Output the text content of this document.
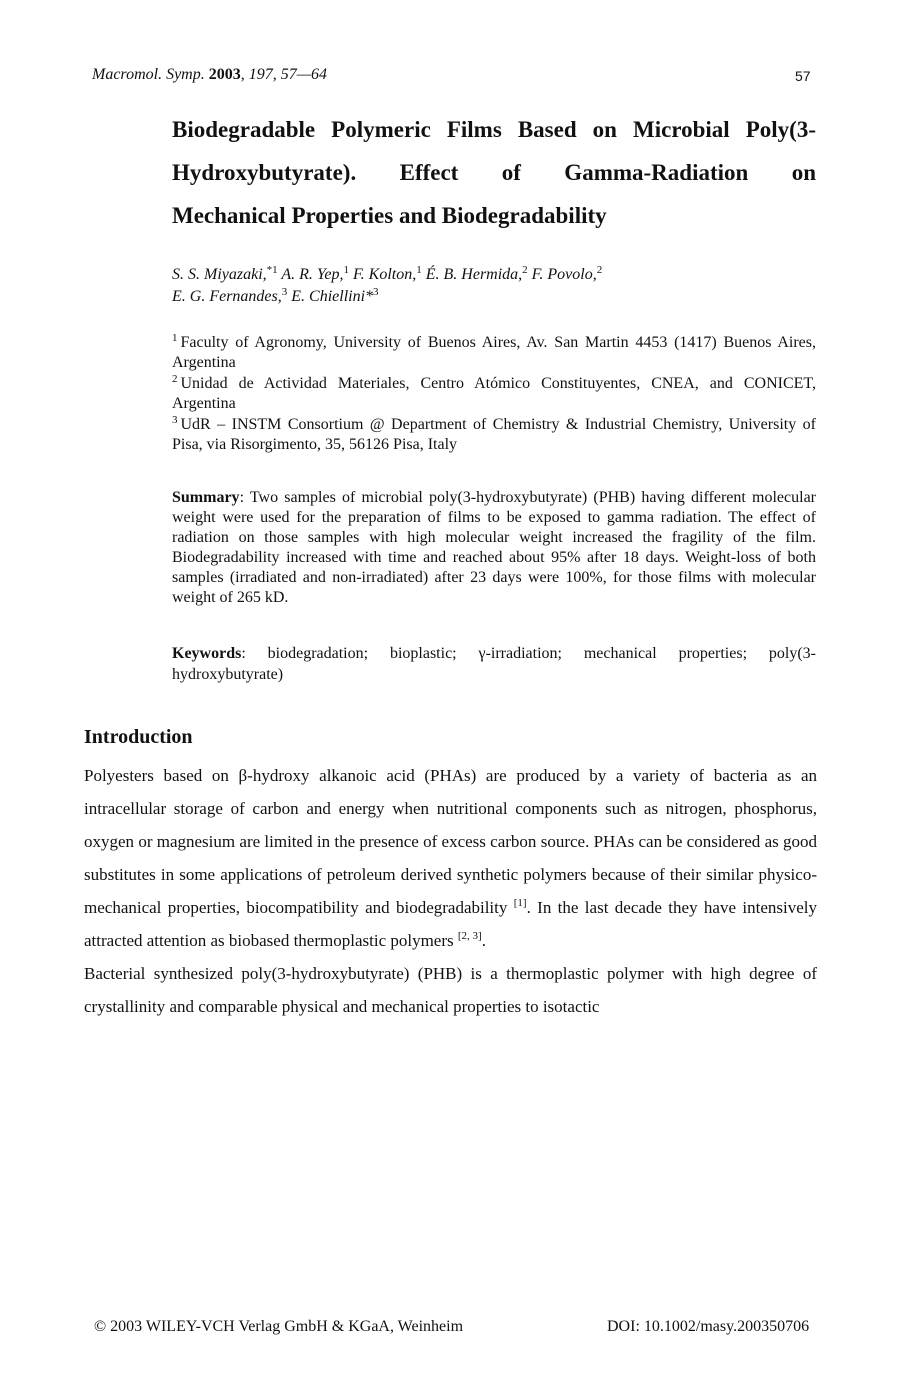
Macromol. Symp. 2003, 197, 57—64	57
Biodegradable Polymeric Films Based on Microbial Poly(3-
Hydroxybutyrate). Effect of Gamma-Radiation on
Mechanical Properties and Biodegradability
S. S. Miyazaki,$^{*1}$ A. R. Yep,$^1$ F. Kolton,$^1$ É. B. Hermida,$^2$ F. Povolo,$^2$
E. G. Fernandes,$^3$ E. Chiellini*$^3$
$^1$ Faculty of Agronomy, University of Buenos Aires, Av. San Martin 4453 (1417) Buenos Aires, Argentina
$^2$ Unidad de Actividad Materiales, Centro Atómico Constituyentes, CNEA, and CONICET, Argentina
$^3$ UdR – INSTM Consortium @ Department of Chemistry & Industrial Chemistry, University of Pisa, via Risorgimento, 35, 56126 Pisa, Italy

Summary: Two samples of microbial poly(3-hydroxybutyrate) (PHB) having different molecular weight were used for the preparation of films to be exposed to gamma radiation. The effect of radiation on those samples with high molecular weight increased the fragility of the film. Biodegradability increased with time and reached about 95% after 18 days. Weight-loss of both samples (irradiated and non-irradiated) after 23 days were 100%, for those films with molecular weight of 265 kD.

Keywords: biodegradation; bioplastic; γ-irradiation; mechanical properties; poly(3-hydroxybutyrate)

Introduction

Polyesters based on β-hydroxy alkanoic acid (PHAs) are produced by a variety of bacteria as an intracellular storage of carbon and energy when nutritional components such as nitrogen, phosphorus, oxygen or magnesium are limited in the presence of excess carbon source. PHAs can be considered as good substitutes in some applications of petroleum derived synthetic polymers because of their similar physico-mechanical properties, biocompatibility and biodegradability [1]. In the last decade they have intensively attracted attention as biobased thermoplastic polymers [2, 3].

Bacterial synthesized poly(3-hydroxybutyrate) (PHB) is a thermoplastic polymer with high degree of crystallinity and comparable physical and mechanical properties to isotactic

© 2003 WILEY-VCH Verlag GmbH & KGaA, Weinheim	DOI: 10.1002/masy.200350706
